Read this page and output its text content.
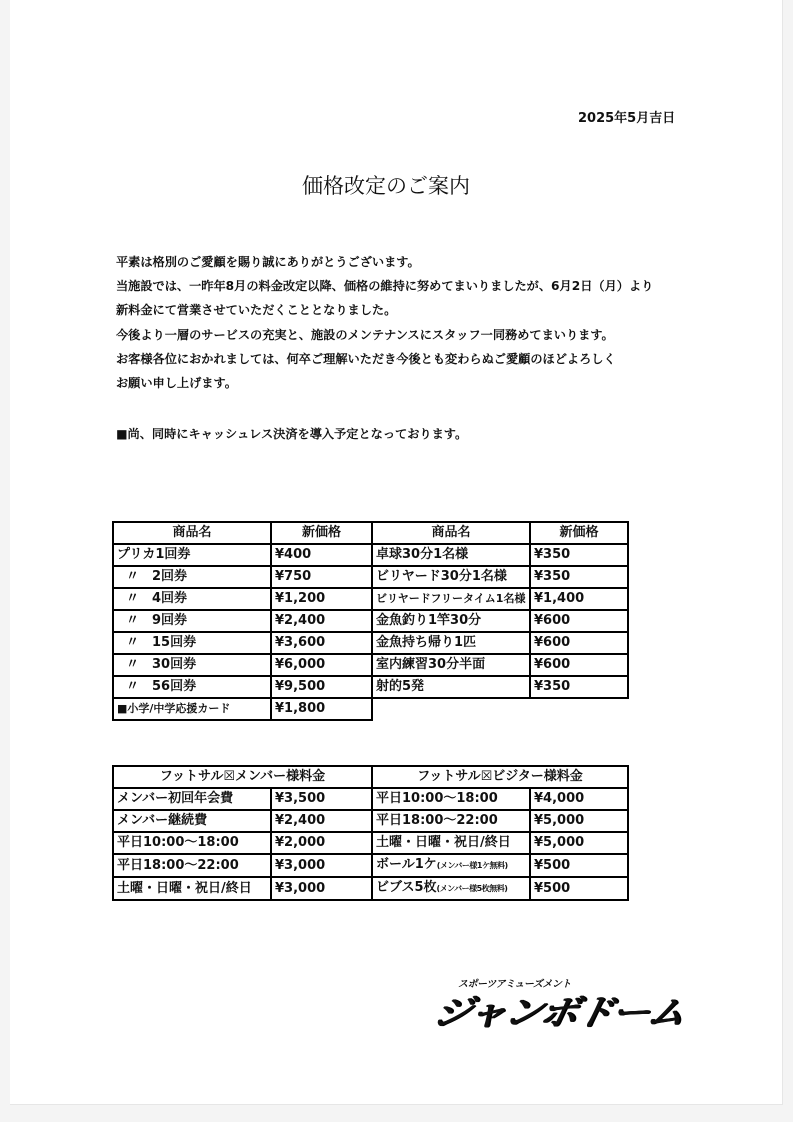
2025年5月吉日
価格改定のご案内
平素は格別のご愛顧を賜り誠にありがとうございます。
当施設では、一昨年8月の料金改定以降、価格の維持に努めてまいりましたが、6月2日（月）より
新料金にて営業させていただくこととなりました。
今後より一層のサービスの充実と、施設のメンテナンスにスタッフ一同務めてまいります。
お客様各位におかれましては、何卒ご理解いただき今後とも変わらぬご愛顧のほどよろしく
お願い申し上げます。
■尚、同時にキャッシュレス決済を導入予定となっております。
商品名	新価格	商品名	新価格
プリカ1回券	¥400	卓球30分1名様	¥350
〃　2回券	¥750	ビリヤード30分1名様	¥350
〃　4回券	¥1,200	ビリヤードフリータイム1名様	¥1,400
〃　9回券	¥2,400	金魚釣り1竿30分	¥600
〃　15回券	¥3,600	金魚持ち帰り1匹	¥600
〃　30回券	¥6,000	室内練習30分半面	¥600
〃　56回券	¥9,500	射的5発	¥350
■小学/中学応援カード	¥1,800		
フットサル☒メンバー様料金		フットサル☒ビジター様料金	
メンバー初回年会費	¥3,500	平日10:00～18:00	¥4,000
メンバー継続費	¥2,400	平日18:00～22:00	¥5,000
平日10:00～18:00	¥2,000	土曜・日曜・祝日/終日	¥5,000
平日18:00～22:00	¥3,000	ボール1ケ(メンバー様1ケ無料)	¥500
土曜・日曜・祝日/終日	¥3,000	ビブス5枚(メンバー様5枚無料)	¥500
スポーツアミューズメント
ジャンボドーム
